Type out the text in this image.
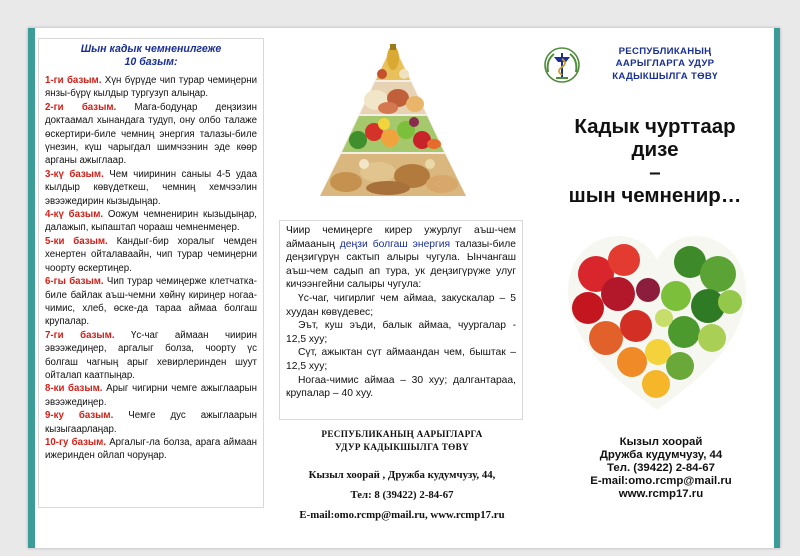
Шын кадык чемненилгеже
10 базым:

1-ги базым. Хүн бүрүде чип турар чемиңерни янзы-бүрү кылдыр тургузуп алыңар.

2-ги базым. Мага-бодуңар деңзизин доктаамал хынандага тудуп, ону олбо талаже өскертири-биле чемниң энергия талазы-биле үнезин, күш чарыгдал шимчээнин эде көөр арганы ажыглаар.

3-кү базым. Чем чииринин саныы 4-5 удаа кылдыр көвүдеткеш, чемниң хемчээлин эвээжедирин кызыдыңар.

4-кү базым. Оожум чемненирин кызыдыңар, далажып, кыпаштап чорааш чемненмеңер.

5-ки базым. Кандыг-бир хоралыг чемден хенертен ойталаваайн, чип турар чемиңерни чоорту өскертиңер.

6-гы базым. Чип турар чемиңерже клетчатка-биле байлак аъш-чемни хөйнү кириңер ногаа-чимис, хлеб, өске-да тараа аймаа болгаш крупалар.

7-ги базым. Үс-чаг аймаан чиирин эвээжедиңер, аргалыг болза, чоорту үс болгаш чагның арыг хевирлеринден шуут ойталап каатпыңар.

8-ки базым. Арыг чигирни чемге ажыглаарын эвээжедиңер.

9-ку базым. Чемге дус ажыглаарын кызыгаарлаңар.

10-гу базым. Аргалыг-ла болза, арага аймаан ижеринден ойлап чоруңар.

Чиир чемиңерге кирер ужурлуг аъш-чем аймааның деңзи болгаш энергия талазы-биле деңзигүрүн сактып алыры чугула. Ынчангаш аъш-чем садып ап тура, ук деңзигүрүже улуг кичээнгейни салыры чугула:

Үс-чаг, чигирлиг чем аймаа, закускалар – 5 хуудан көвүдевес;

Эът, куш эъди, балык аймаа, чуургалар - 12,5 хуу;

Сүт, ажыктан сүт аймаандан чем, быштак – 12,5 хуу;

Ногаа-чимис аймаа – 30 хуу; далгантараа, крупалар – 40 хуу.

РЕСПУБЛИКАНЫҢ ААРЫГЛАРГА
УДУР КАДЫКШЫЛГА ТӨВҮ
Кызыл хоорай , Дружба кудумчузу, 44,
Тел: 8 (39422) 2-84-67
E-mail:omo.rcmp@mail.ru, www.rcmp17.ru
РЕСПУБЛИКАНЫҢ
ААРЫГЛАРГА УДУР
КАДЫКШЫЛГА ТӨВҮ
Кадык чурттаар
дизе
–
шын чемненир…
Кызыл хоорай
Дружба кудумчузу, 44
Тел. (39422) 2-84-67
E-mail:omo.rcmp@mail.ru
www.rcmp17.ru
